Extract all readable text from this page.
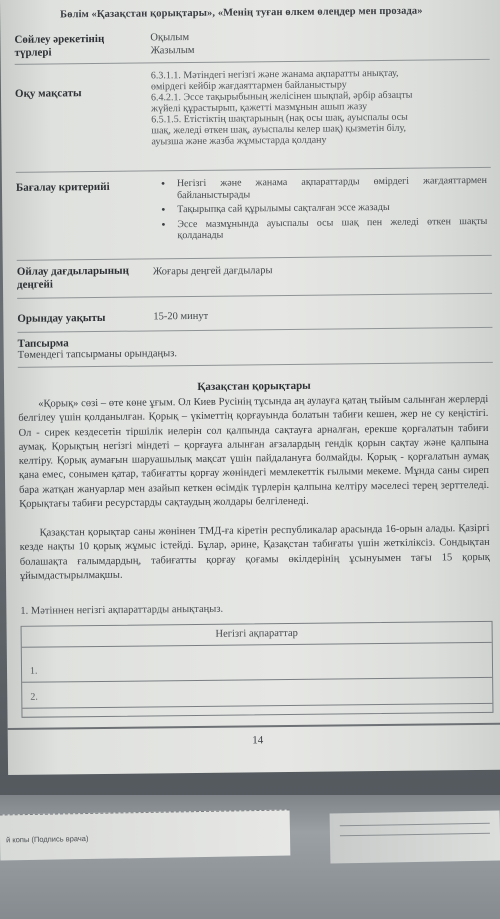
й копы (Подпись врача)
Бөлім «Қазақстан қорықтары», «Менің туған өлкем өлеңдер мен прозада»
Сөйлеу әрекетінің түрлері
Оқылым
Жазылым
Оқу мақсаты
6.3.1.1. Мәтіндегі негізгі және жанама ақпаратты анықтау,
өмірдегі кейбір жағдаяттармен байланыстыру
6.4.2.1. Эссе тақырыбының желісінен шықпай, әрбір абзацты
жүйелі құрастырып, қажетті мазмұнын ашып жазу
6.5.1.5. Етістіктің шақтарының (нақ осы шақ, ауыспалы осы
шақ, желеді өткен шақ, ауыспалы келер шақ) қызметін білу,
ауызша және жазба жұмыстарда қолдану
Бағалау критерийі
•	Негізгі және жанама ақпараттарды өмірдегі жағдаяттармен байланыстырады
• Тақырыпқа сай құрылымы сақталған эссе жазады
• Эссе мазмұнында ауыспалы осы шақ пен желеді өткен шақты қолданады
Ойлау дағдыларының деңгейі
Жоғары деңгей дағдылары
Орындау уақыты	15-20 минут
Тапсырма
Төмендегі тапсырманы орындаңыз.
Қазақстан қорықтары
«Қорық» сөзі – өте көне ұғым. Ол Киев Русінің тұсында аң аулауға қатаң тыйым салынған жерлерді белгілеу үшін қолданылған. Қорық – үкіметтің қорғауында болатын табиғи кешен, жер не су кеңістігі. Ол - сирек кездесетін тіршілік иелерін сол қалпында сақтауға арналған, ерекше қорғалатын табиғи аумақ. Қорықтың негізгі міндеті – қорғауға алынған ағзалардың гендік қорын сақтау және қалпына келтіру. Қорық аумағын шаруашылық мақсат үшін пайдалануға болмайды. Қорық - қорғалатын аумақ қана емес, сонымен қатар, табиғатты қорғау жөніндегі мемлекеттік ғылыми мекеме. Мұнда саны сиреп бара жатқан жануарлар мен азайып кеткен өсімдік түрлерін қалпына келтіру мәселесі терең зерттеледі. Қорықтағы табиғи ресурстарды сақтаудың жолдары белгіленеді.
Қазақстан қорықтар саны жөнінен ТМД-ға кіретін республикалар арасында 16-орын алады. Қазіргі кезде нақты 10 қорық жұмыс істейді. Бұлар, әрине, Қазақстан табиғаты үшін жеткіліксіз. Сондықтан болашақта ғалымдардың, табиғатты қорғау қоғамы өкілдерінің ұсынуымен тағы 15 қорық ұйымдастырылмақшы.
1. Мәтіннен негізгі ақпараттарды анықтаңыз.
Негізгі ақпараттар
1.
2.
14
